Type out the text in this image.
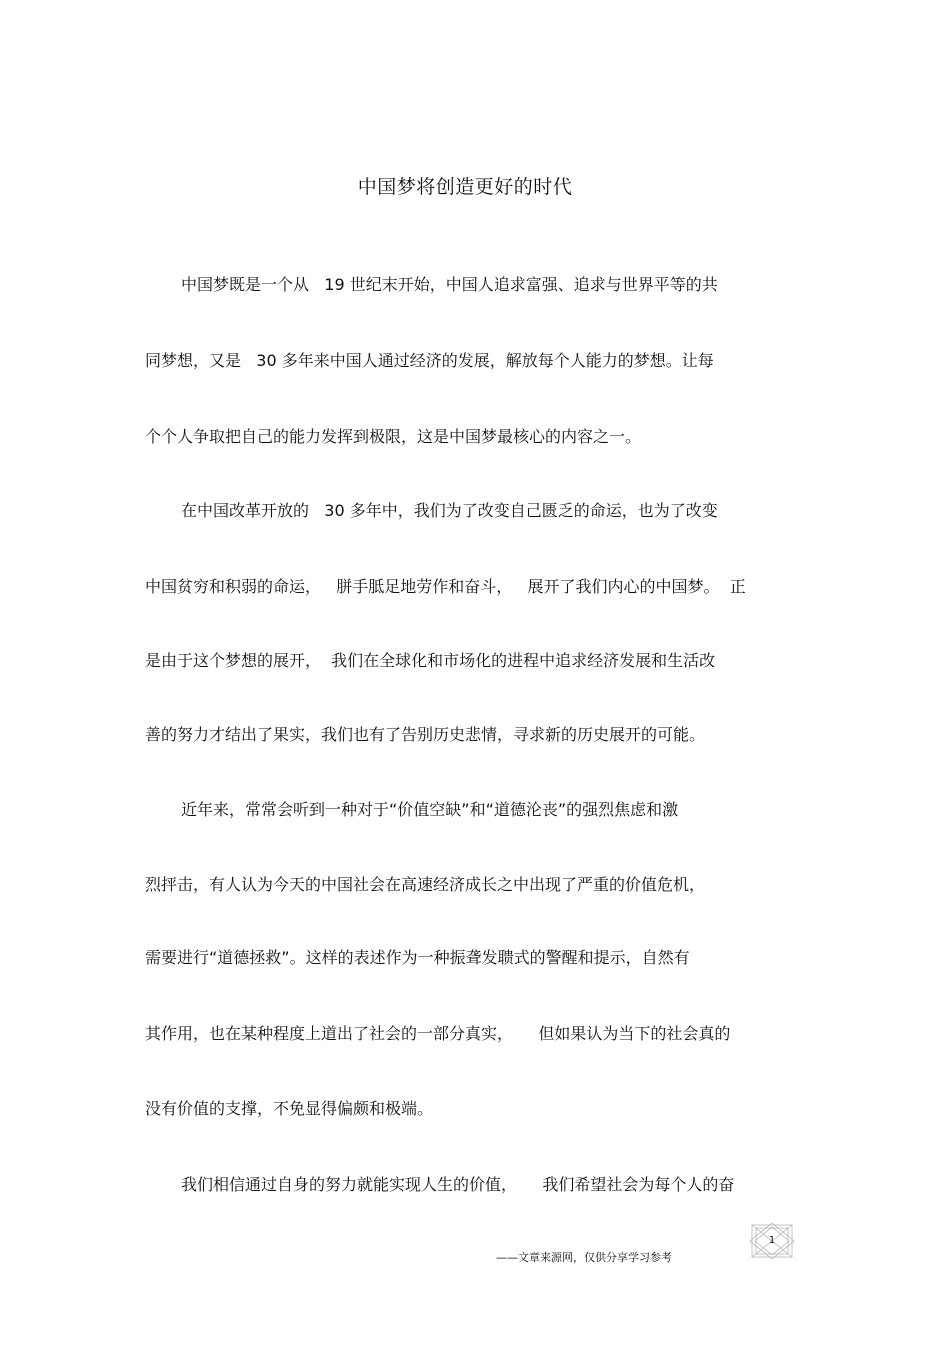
中国梦将创造更好的时代
中国梦既是一个从   19 世纪末开始，中国人追求富强、追求与世界平等的共
同梦想，又是   30 多年来中国人通过经济的发展，解放每个人能力的梦想。让每
个个人争取把自己的能力发挥到极限，这是中国梦最核心的内容之一。
在中国改革开放的   30 多年中，我们为了改变自己匮乏的命运，也为了改变
中国贫穷和积弱的命运，   胼手胝足地劳作和奋斗，   展开了我们内心的中国梦。  正
是由于这个梦想的展开，  我们在全球化和市场化的进程中追求经济发展和生活改
善的努力才结出了果实，我们也有了告别历史悲情，寻求新的历史展开的可能。
近年来，常常会听到一种对于“价值空缺”和“道德沦丧”的强烈焦虑和激
烈抨击，有人认为今天的中国社会在高速经济成长之中出现了严重的价值危机，
需要进行“道德拯救”。这样的表述作为一种振聋发聩式的警醒和提示，自然有
其作用，也在某种程度上道出了社会的一部分真实，     但如果认为当下的社会真的
没有价值的支撑，不免显得偏颇和极端。
我们相信通过自身的努力就能实现人生的价值，     我们希望社会为每个人的奋
——文章来源网，仅供分享学习参考
1
